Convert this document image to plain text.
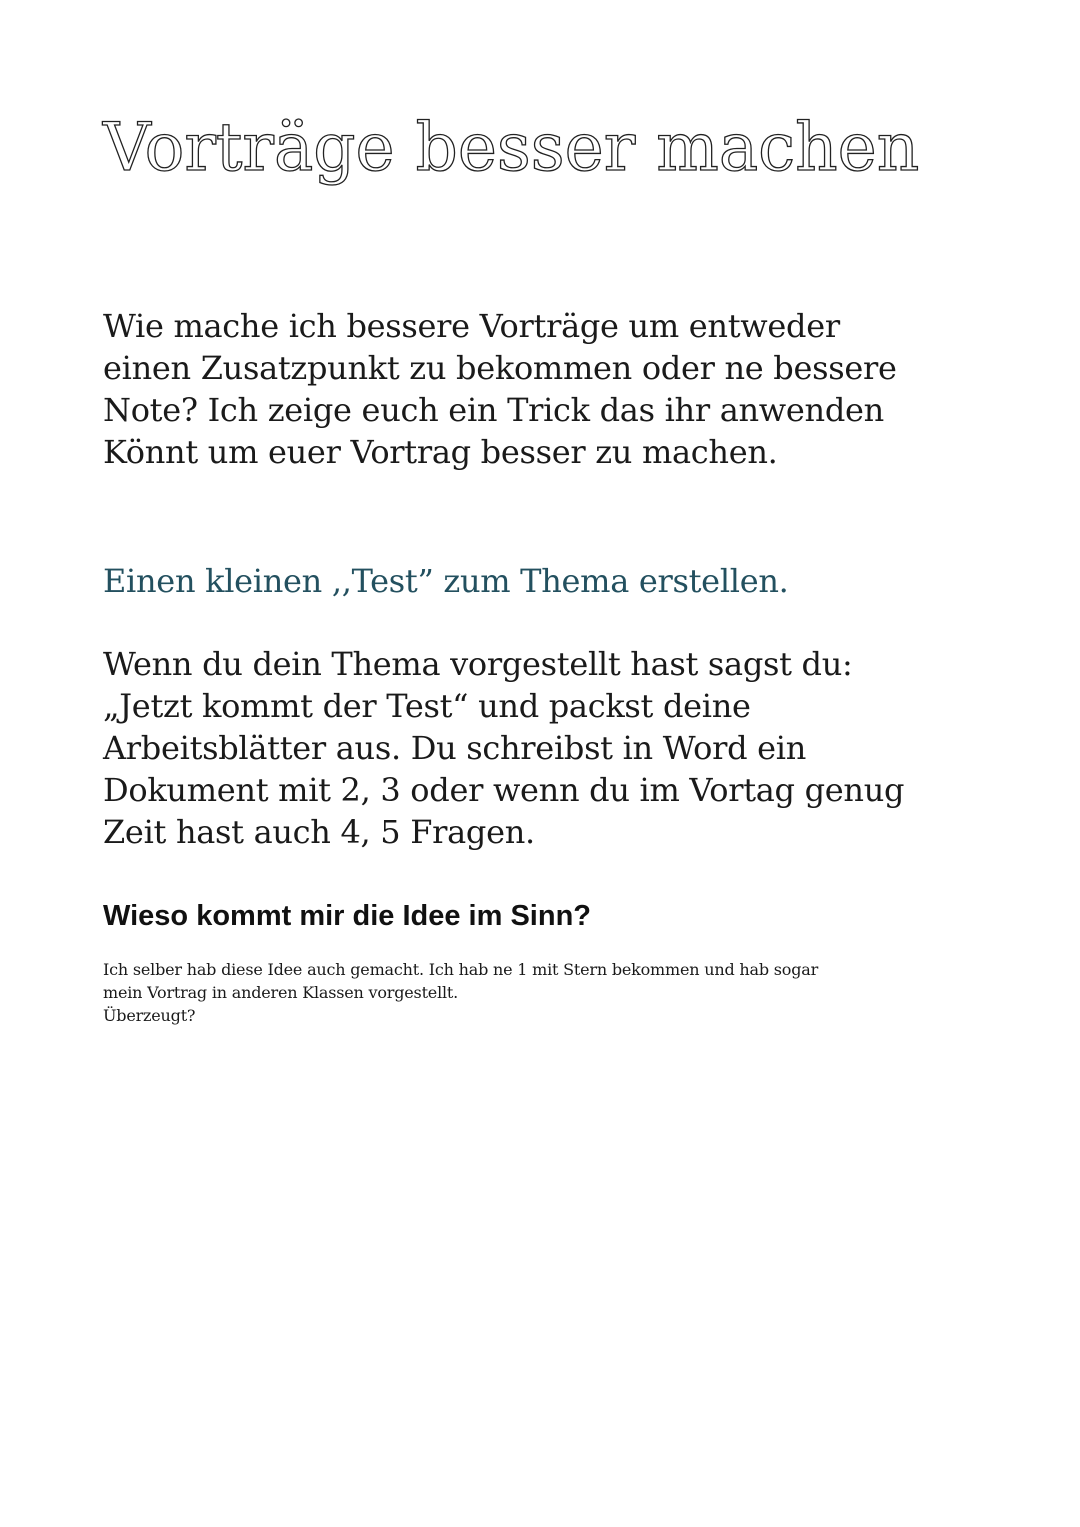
Vorträge besser machen

Wie mache ich bessere Vorträge um entweder
einen Zusatzpunkt zu bekommen oder ne bessere
Note? Ich zeige euch ein Trick das ihr anwenden
Könnt um euer Vortrag besser zu machen.

Einen kleinen ,,Test” zum Thema erstellen.

Wenn du dein Thema vorgestellt hast sagst du:
„Jetzt kommt der Test“ und packst deine
Arbeitsblätter aus. Du schreibst in Word ein
Dokument mit 2, 3 oder wenn du im Vortag genug
Zeit hast auch 4, 5 Fragen.

Wieso kommt mir die Idee im Sinn?

Ich selber hab diese Idee auch gemacht. Ich hab ne 1 mit Stern bekommen und hab sogar
mein Vortrag in anderen Klassen vorgestellt.
Überzeugt?
